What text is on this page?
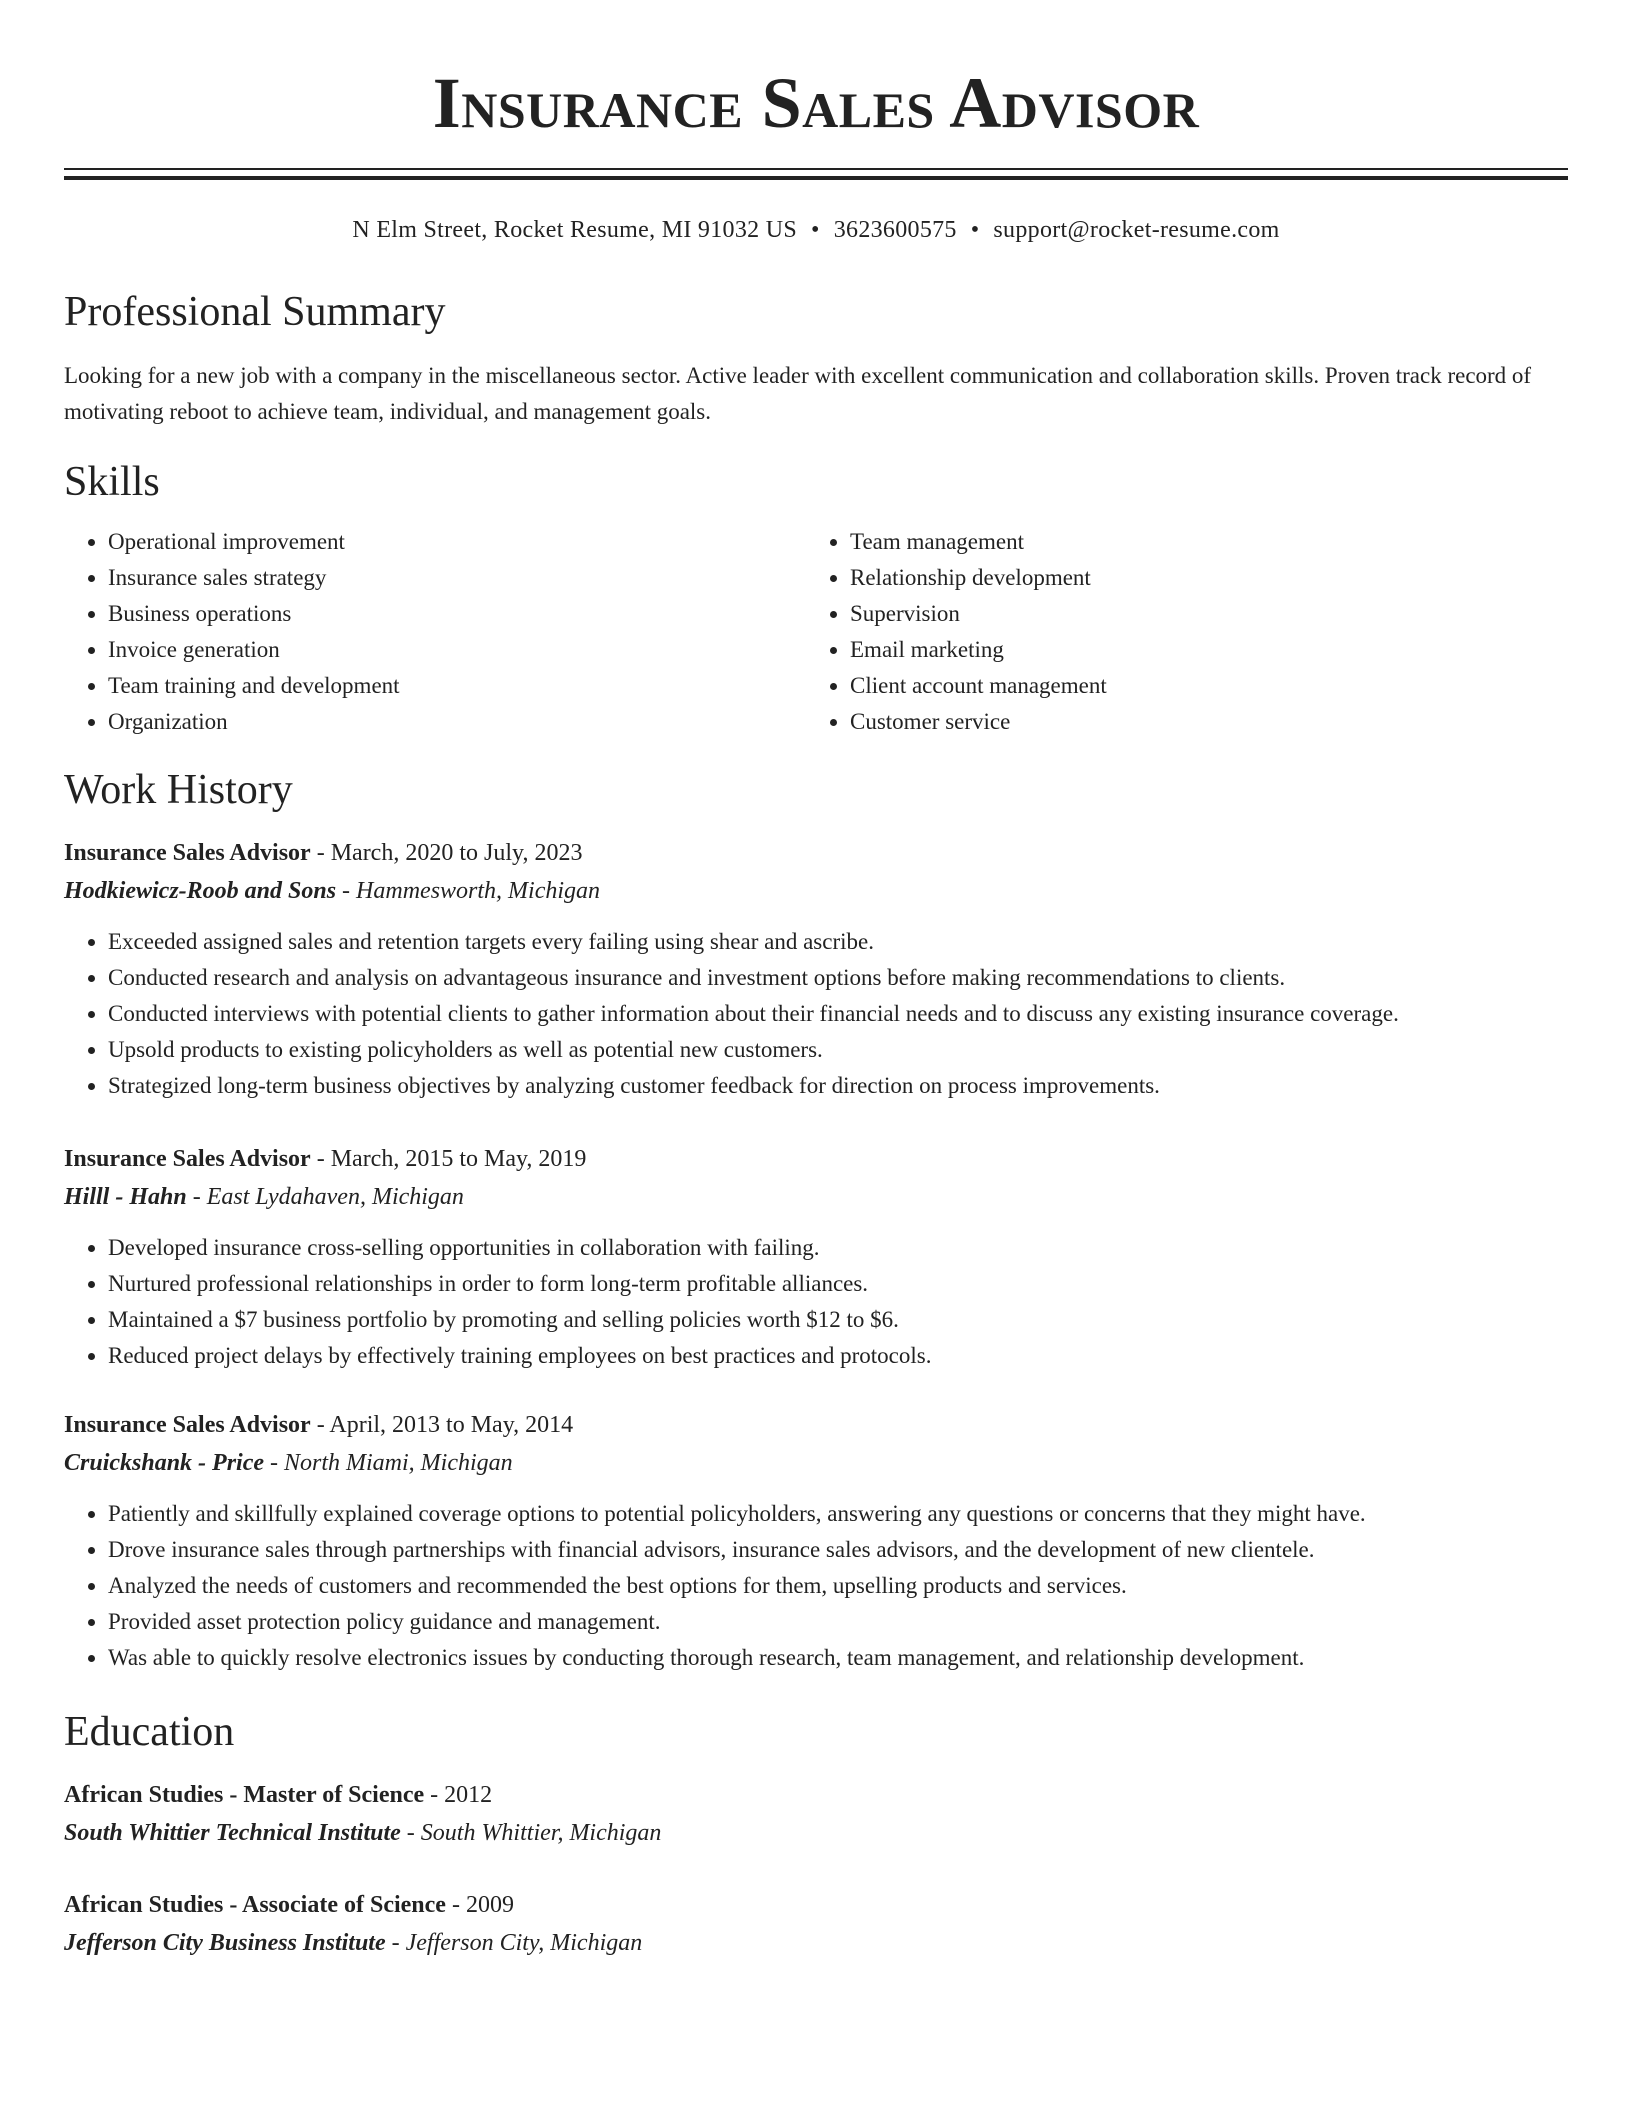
Insurance Sales Advisor
N Elm Street, Rocket Resume, MI 91032 US • 3623600575 • support@rocket-resume.com
Professional Summary
Looking for a new job with a company in the miscellaneous sector. Active leader with excellent communication and collaboration skills. Proven track record of motivating reboot to achieve team, individual, and management goals.
Skills
• Operational improvement
• Insurance sales strategy
• Business operations
• Invoice generation
• Team training and development
• Organization
• Team management
• Relationship development
• Supervision
• Email marketing
• Client account management
• Customer service
Work History
Insurance Sales Advisor - March, 2020 to July, 2023
Hodkiewicz-Roob and Sons - Hammesworth, Michigan
• Exceeded assigned sales and retention targets every failing using shear and ascribe.
• Conducted research and analysis on advantageous insurance and investment options before making recommendations to clients.
• Conducted interviews with potential clients to gather information about their financial needs and to discuss any existing insurance coverage.
• Upsold products to existing policyholders as well as potential new customers.
• Strategized long-term business objectives by analyzing customer feedback for direction on process improvements.
Insurance Sales Advisor - March, 2015 to May, 2019
Hilll - Hahn - East Lydahaven, Michigan
• Developed insurance cross-selling opportunities in collaboration with failing.
• Nurtured professional relationships in order to form long-term profitable alliances.
• Maintained a $7 business portfolio by promoting and selling policies worth $12 to $6.
• Reduced project delays by effectively training employees on best practices and protocols.
Insurance Sales Advisor - April, 2013 to May, 2014
Cruickshank - Price - North Miami, Michigan
• Patiently and skillfully explained coverage options to potential policyholders, answering any questions or concerns that they might have.
• Drove insurance sales through partnerships with financial advisors, insurance sales advisors, and the development of new clientele.
• Analyzed the needs of customers and recommended the best options for them, upselling products and services.
• Provided asset protection policy guidance and management.
• Was able to quickly resolve electronics issues by conducting thorough research, team management, and relationship development.
Education
African Studies - Master of Science - 2012
South Whittier Technical Institute - South Whittier, Michigan
African Studies - Associate of Science - 2009
Jefferson City Business Institute - Jefferson City, Michigan
